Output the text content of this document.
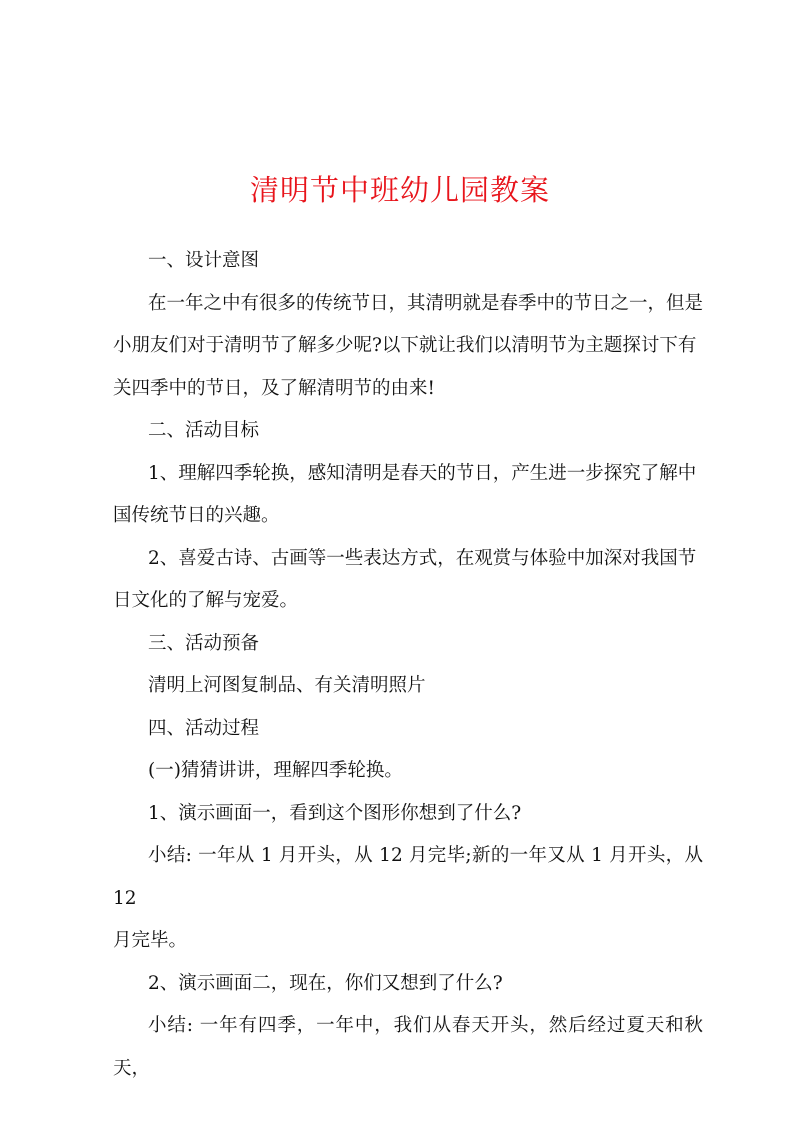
清明节中班幼儿园教案

一、设计意图

在一年之中有很多的传统节日，其清明就是春季中的节日之一，但是

小朋友们对于清明节了解多少呢?以下就让我们以清明节为主题探讨下有

关四季中的节日，及了解清明节的由来!

二、活动目标

1、理解四季轮换，感知清明是春天的节日，产生进一步探究了解中

国传统节日的兴趣。

2、喜爱古诗、古画等一些表达方式，在观赏与体验中加深对我国节

日文化的了解与宠爱。

三、活动预备

清明上河图复制品、有关清明照片

四、活动过程

(一)猜猜讲讲，理解四季轮换。

1、演示画面一，看到这个图形你想到了什么?

小结: 一年从 1 月开头，从 12 月完毕;新的一年又从 1 月开头，从 12

月完毕。

2、演示画面二，现在，你们又想到了什么?

小结: 一年有四季，一年中，我们从春天开头，然后经过夏天和秋天，
